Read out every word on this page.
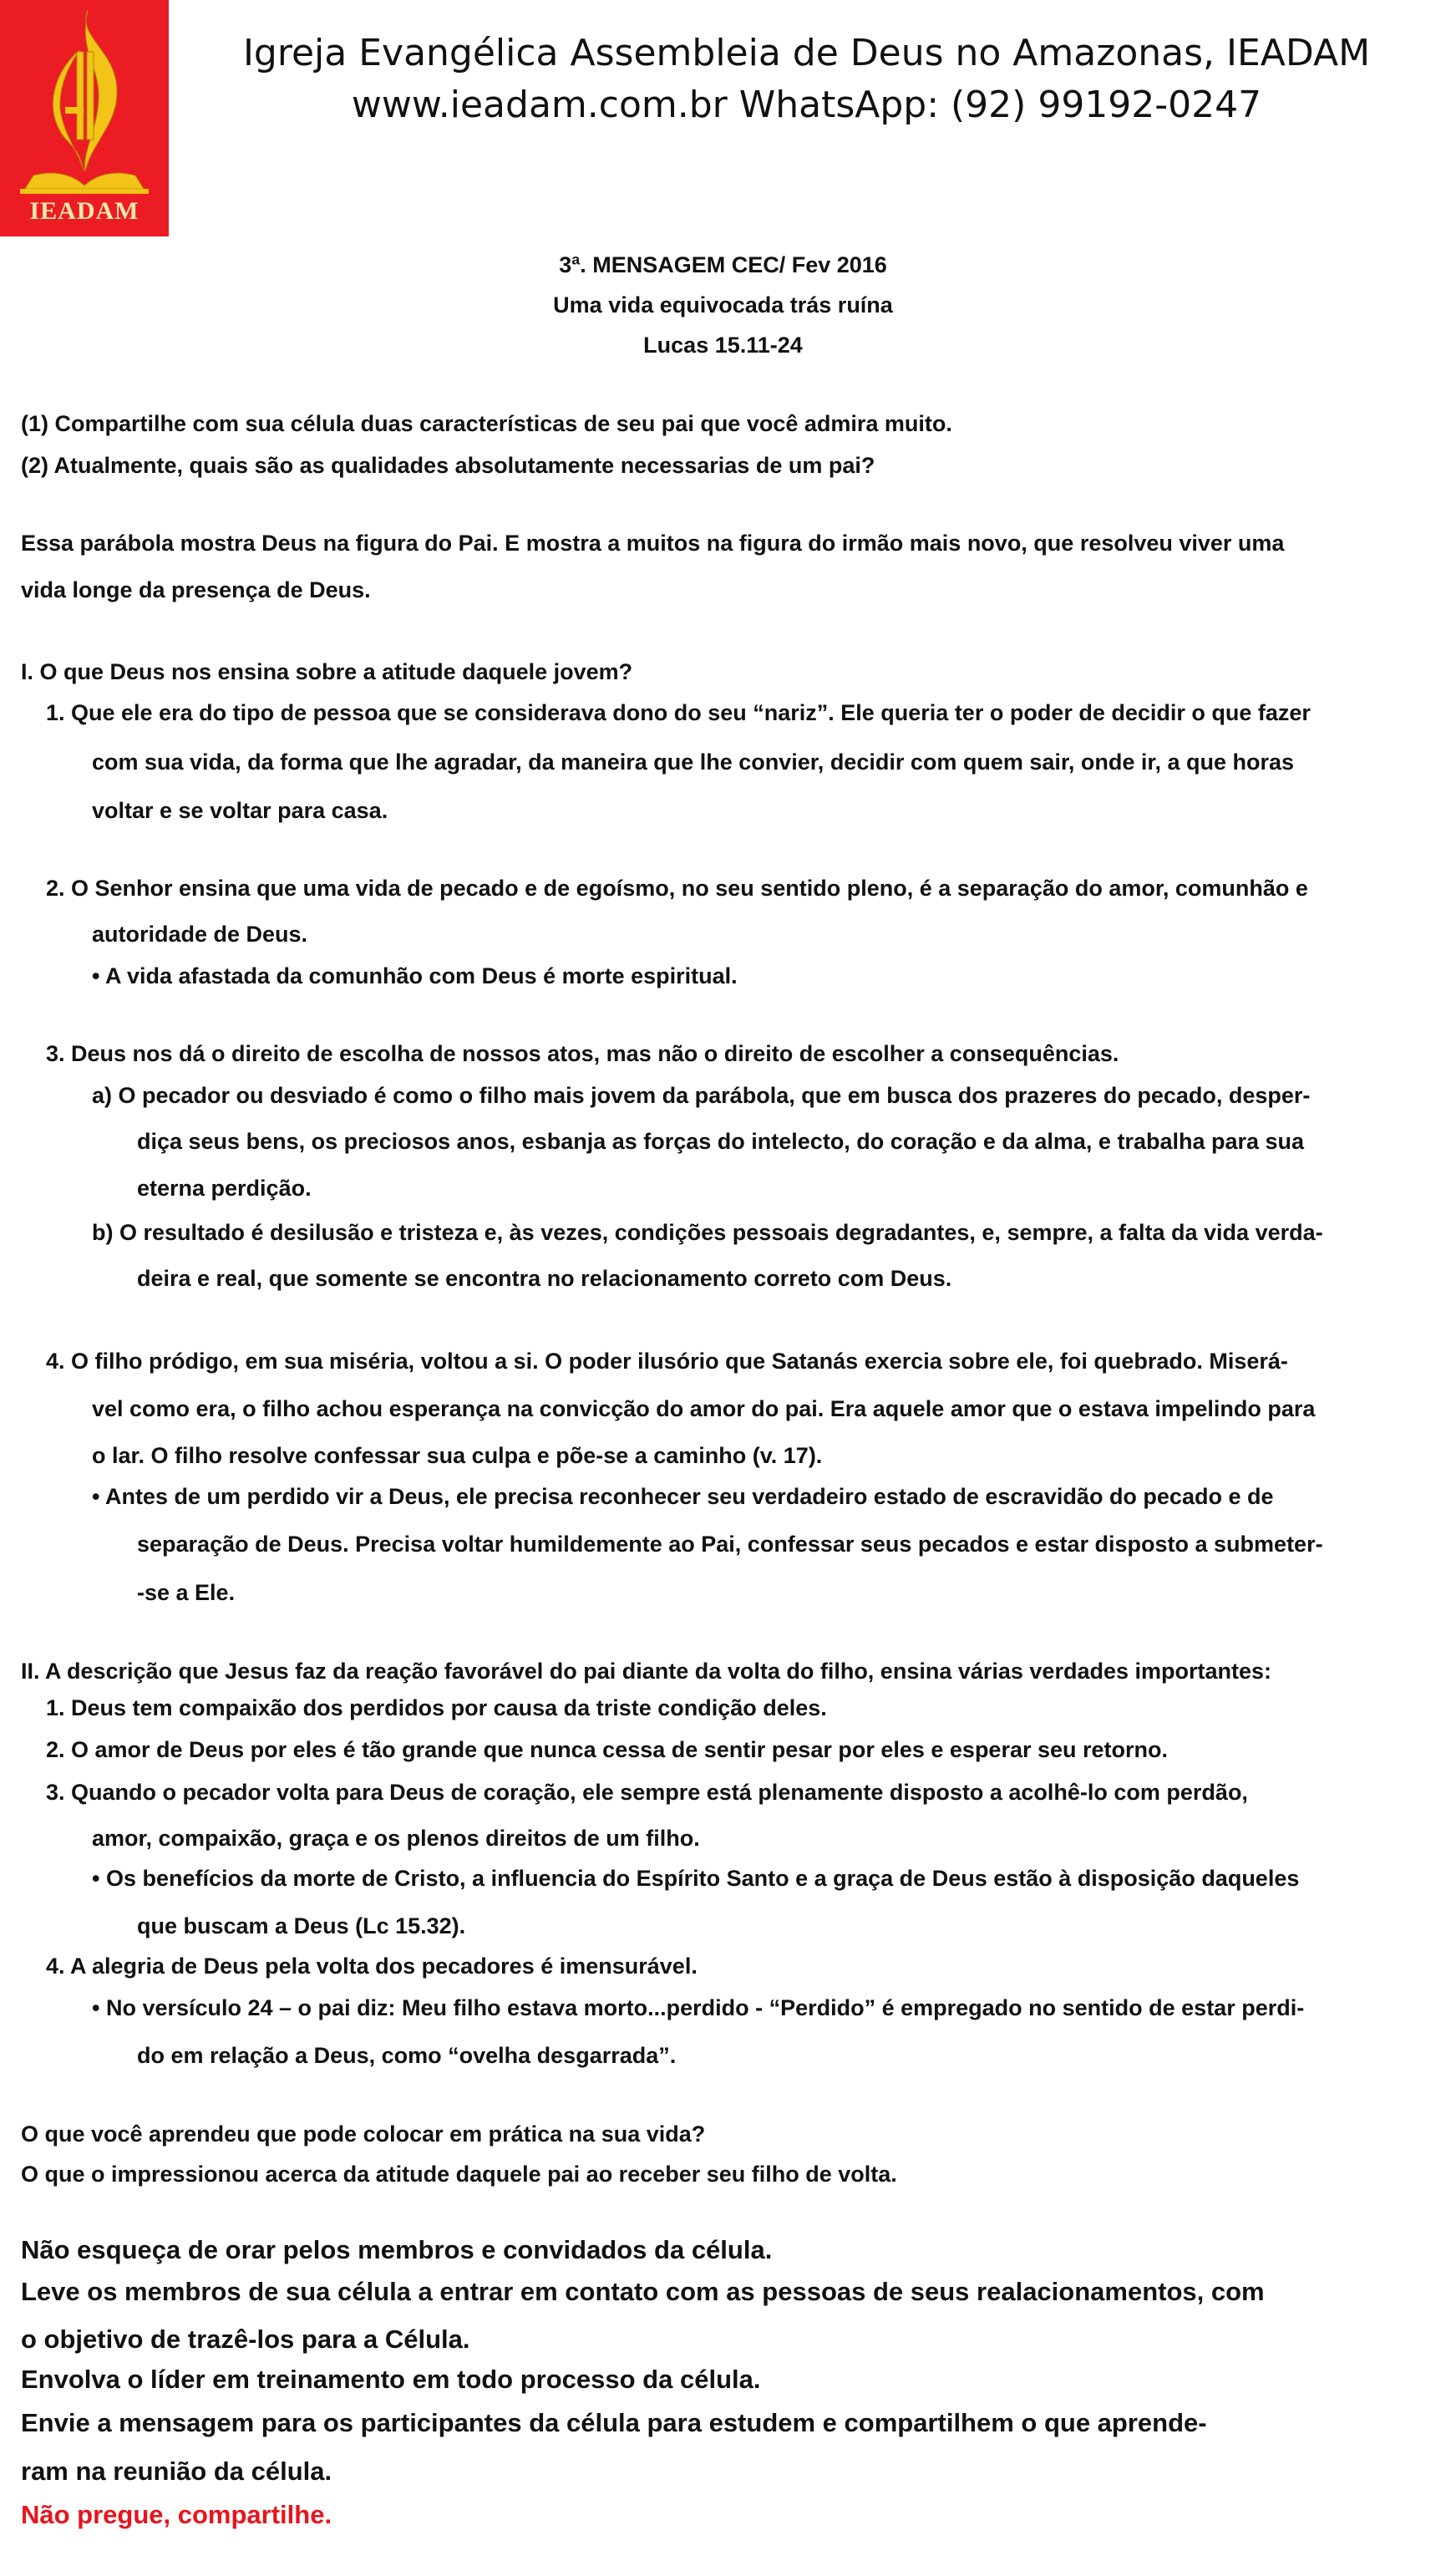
IEADAM
Igreja Evangélica Assembleia de Deus no Amazonas, IEADAM
www.ieadam.com.br WhatsApp: (92) 99192-0247
3ª. MENSAGEM CEC/ Fev 2016
Uma vida equivocada trás ruína
Lucas 15.11-24
(1) Compartilhe com sua célula duas características de seu pai que você admira muito.
(2) Atualmente, quais são as qualidades absolutamente necessarias de um pai?
Essa parábola mostra Deus na figura do Pai. E mostra a muitos na figura do irmão mais novo, que resolveu viver uma
vida longe da presença de Deus.
I. O que Deus nos ensina sobre a atitude daquele jovem?
1. Que ele era do tipo de pessoa que se considerava dono do seu “nariz”. Ele queria ter o poder de decidir o que fazer
com sua vida, da forma que lhe agradar, da maneira que lhe convier, decidir com quem sair, onde ir, a que horas
voltar e se voltar para casa.
2. O Senhor ensina que uma vida de pecado e de egoísmo, no seu sentido pleno, é a separação do amor, comunhão e
autoridade de Deus.
• A vida afastada da comunhão com Deus é morte espiritual.
3. Deus nos dá o direito de escolha de nossos atos, mas não o direito de escolher a consequências.
a) O pecador ou desviado é como o filho mais jovem da parábola, que em busca dos prazeres do pecado, desper-
diça seus bens, os preciosos anos, esbanja as forças do intelecto, do coração e da alma, e trabalha para sua
eterna perdição.
b) O resultado é desilusão e tristeza e, às vezes, condições pessoais degradantes, e, sempre, a falta da vida verda-
deira e real, que somente se encontra no relacionamento correto com Deus.
4. O filho pródigo, em sua miséria, voltou a si. O poder ilusório que Satanás exercia sobre ele, foi quebrado. Miserá-
vel como era, o filho achou esperança na convicção do amor do pai. Era aquele amor que o estava impelindo para
o lar. O filho resolve confessar sua culpa e põe-se a caminho (v. 17).
• Antes de um perdido vir a Deus, ele precisa reconhecer seu verdadeiro estado de escravidão do pecado e de
separação de Deus. Precisa voltar humildemente ao Pai, confessar seus pecados e estar disposto a submeter-
-se a Ele.
II. A descrição que Jesus faz da reação favorável do pai diante da volta do filho, ensina várias verdades importantes:
1. Deus tem compaixão dos perdidos por causa da triste condição deles.
2. O amor de Deus por eles é tão grande que nunca cessa de sentir pesar por eles e esperar seu retorno.
3. Quando o pecador volta para Deus de coração, ele sempre está plenamente disposto a acolhê-lo com perdão,
amor, compaixão, graça e os plenos direitos de um filho.
• Os benefícios da morte de Cristo, a influencia do Espírito Santo e a graça de Deus estão à disposição daqueles
que buscam a Deus (Lc 15.32).
4. A alegria de Deus pela volta dos pecadores é imensurável.
• No versículo 24 – o pai diz: Meu filho estava morto...perdido - “Perdido” é empregado no sentido de estar perdi-
do em relação a Deus, como “ovelha desgarrada”.
O que você aprendeu que pode colocar em prática na sua vida?
O que o impressionou acerca da atitude daquele pai ao receber seu filho de volta.
Não esqueça de orar pelos membros e convidados da célula.
Leve os membros de sua célula a entrar em contato com as pessoas de seus realacionamentos, com
o objetivo de trazê-los para a Célula.
Envolva o líder em treinamento em todo processo da célula.
Envie a mensagem para os participantes da célula para estudem e compartilhem o que aprende-
ram na reunião da célula.
Não pregue, compartilhe.
